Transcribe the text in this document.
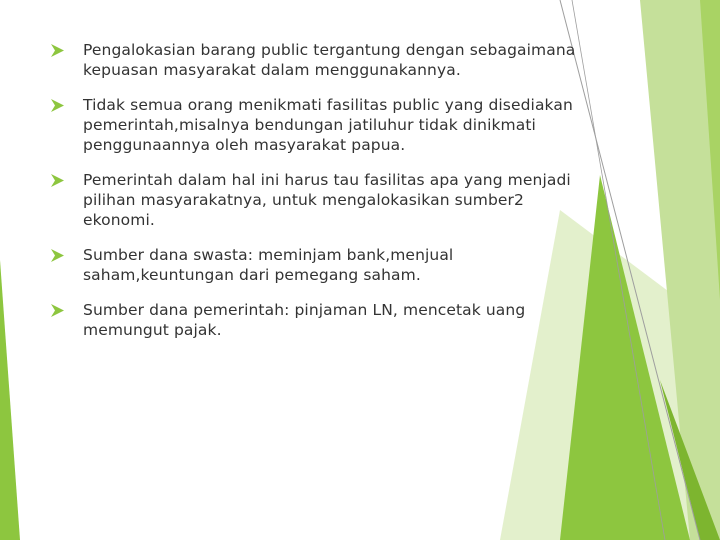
Pengalokasian barang public tergantung dengan sebagaimana kepuasan masyarakat dalam menggunakannya.
Tidak semua orang menikmati fasilitas public yang disediakan pemerintah,misalnya bendungan jatiluhur tidak dinikmati penggunaannya oleh masyarakat papua.
Pemerintah dalam hal ini harus tau fasilitas apa yang menjadi pilihan masyarakatnya, untuk mengalokasikan sumber2 ekonomi.
Sumber dana swasta: meminjam bank,menjual saham,keuntungan dari pemegang saham.
Sumber dana pemerintah: pinjaman LN, mencetak uang memungut pajak.
